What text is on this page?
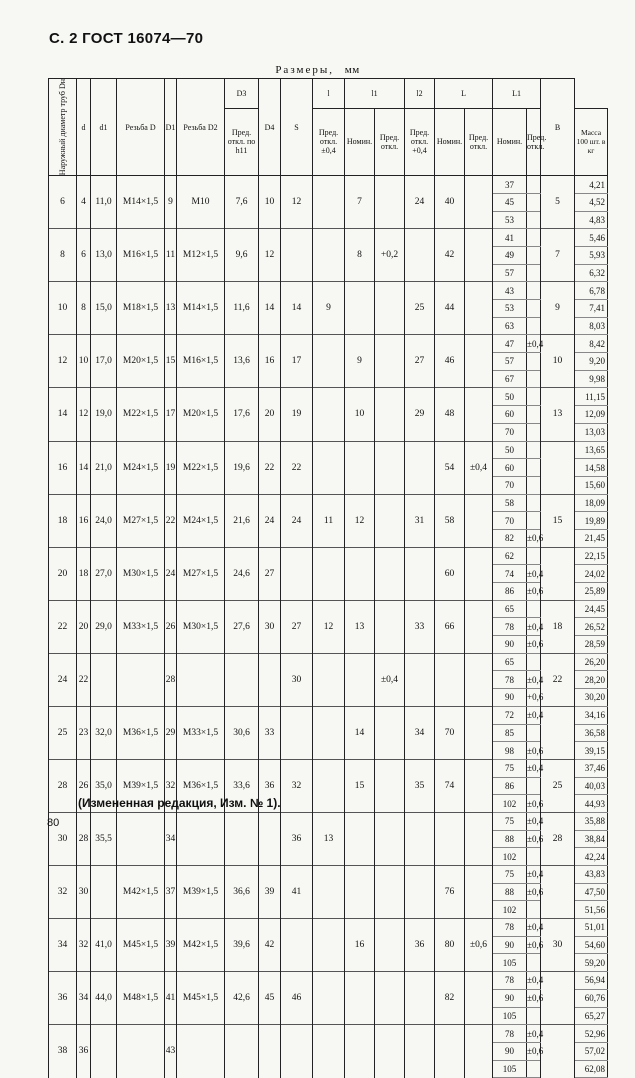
С. 2 ГОСТ 16074—70
Размеры, мм
Наружный диаметр труб Dн	d	d1	Резьба D	D1	Резьба D2	D3	D4	S	l	l1		l2	L		L1		B	
						Пред. откл. по h11			Пред. откл. ±0,4	Номин.	Пред. откл.	Пред. откл. +0,4	Номин.	Пред. откл.	Номин.	Пред. откл.		Масса 100 шт. в кг
6	4	11,0	M14×1,5	9	M10	7,6	10	12		7		24	40		37		5	4,21
															45			4,52
															53			4,83
8	6	13,0	M16×1,5	11	M12×1,5	9,6	12			8	+0,2		42		41		7	5,46
															49			5,93
															57			6,32
10	8	15,0	M18×1,5	13	M14×1,5	11,6	14	14	9			25	44		43		9	6,78
															53			7,41
															63			8,03
12	10	17,0	M20×1,5	15	M16×1,5	13,6	16	17		9		27	46		47	±0,4	10	8,42
															57			9,20
															67			9,98
14	12	19,0	M22×1,5	17	M20×1,5	17,6	20	19		10		29	48		50		13	11,15
															60			12,09
															70			13,03
16	14	21,0	M24×1,5	19	M22×1,5	19,6	22	22					54	±0,4	50			13,65
															60			14,58
															70			15,60
18	16	24,0	M27×1,5	22	M24×1,5	21,6	24	24	11	12		31	58		58		15	18,09
															70			19,89
															82	±0,6		21,45
20	18	27,0	M30×1,5	24	M27×1,5	24,6	27						60		62			22,15
															74	±0,4		24,02
															86	±0,6		25,89
22	20	29,0	M33×1,5	26	M30×1,5	27,6	30	27	12	13		33	66		65		18	24,45
															78	±0,4		26,52
															90	±0,6		28,59
24	22			28				30			±0,4				65		22	26,20
															78	±0,4		28,20
															90	+0,6		30,20
25	23	32,0	M36×1,5	29	M33×1,5	30,6	33			14		34	70		72	±0,4		34,16
															85			36,58
															98	±0,6		39,15
28	26	35,0	M39×1,5	32	M36×1,5	33,6	36	32		15		35	74		75	±0,4	25	37,46
															86			40,03
															102	±0,6		44,93
30	28	35,5		34				36	13						75	±0,4	28	35,88
															88	±0,6		38,84
															102			42,24
32	30		M42×1,5	37	M39×1,5	36,6	39	41					76		75	±0,4		43,83
															88	±0,6		47,50
															102			51,56
34	32	41,0	M45×1,5	39	M42×1,5	39,6	42			16		36	80	±0,6	78	±0,4	30	51,01
															90	±0,6		54,60
															105			59,20
36	34	44,0	M48×1,5	41	M45×1,5	42,6	45	46					82		78	±0,4		56,94
															90	±0,6		60,76
															105			65,27
38	36			43											78	±0,4		52,96
															90	±0,6		57,02
															105			62,08
(Измененная редакция, Изм. № 1).
80
